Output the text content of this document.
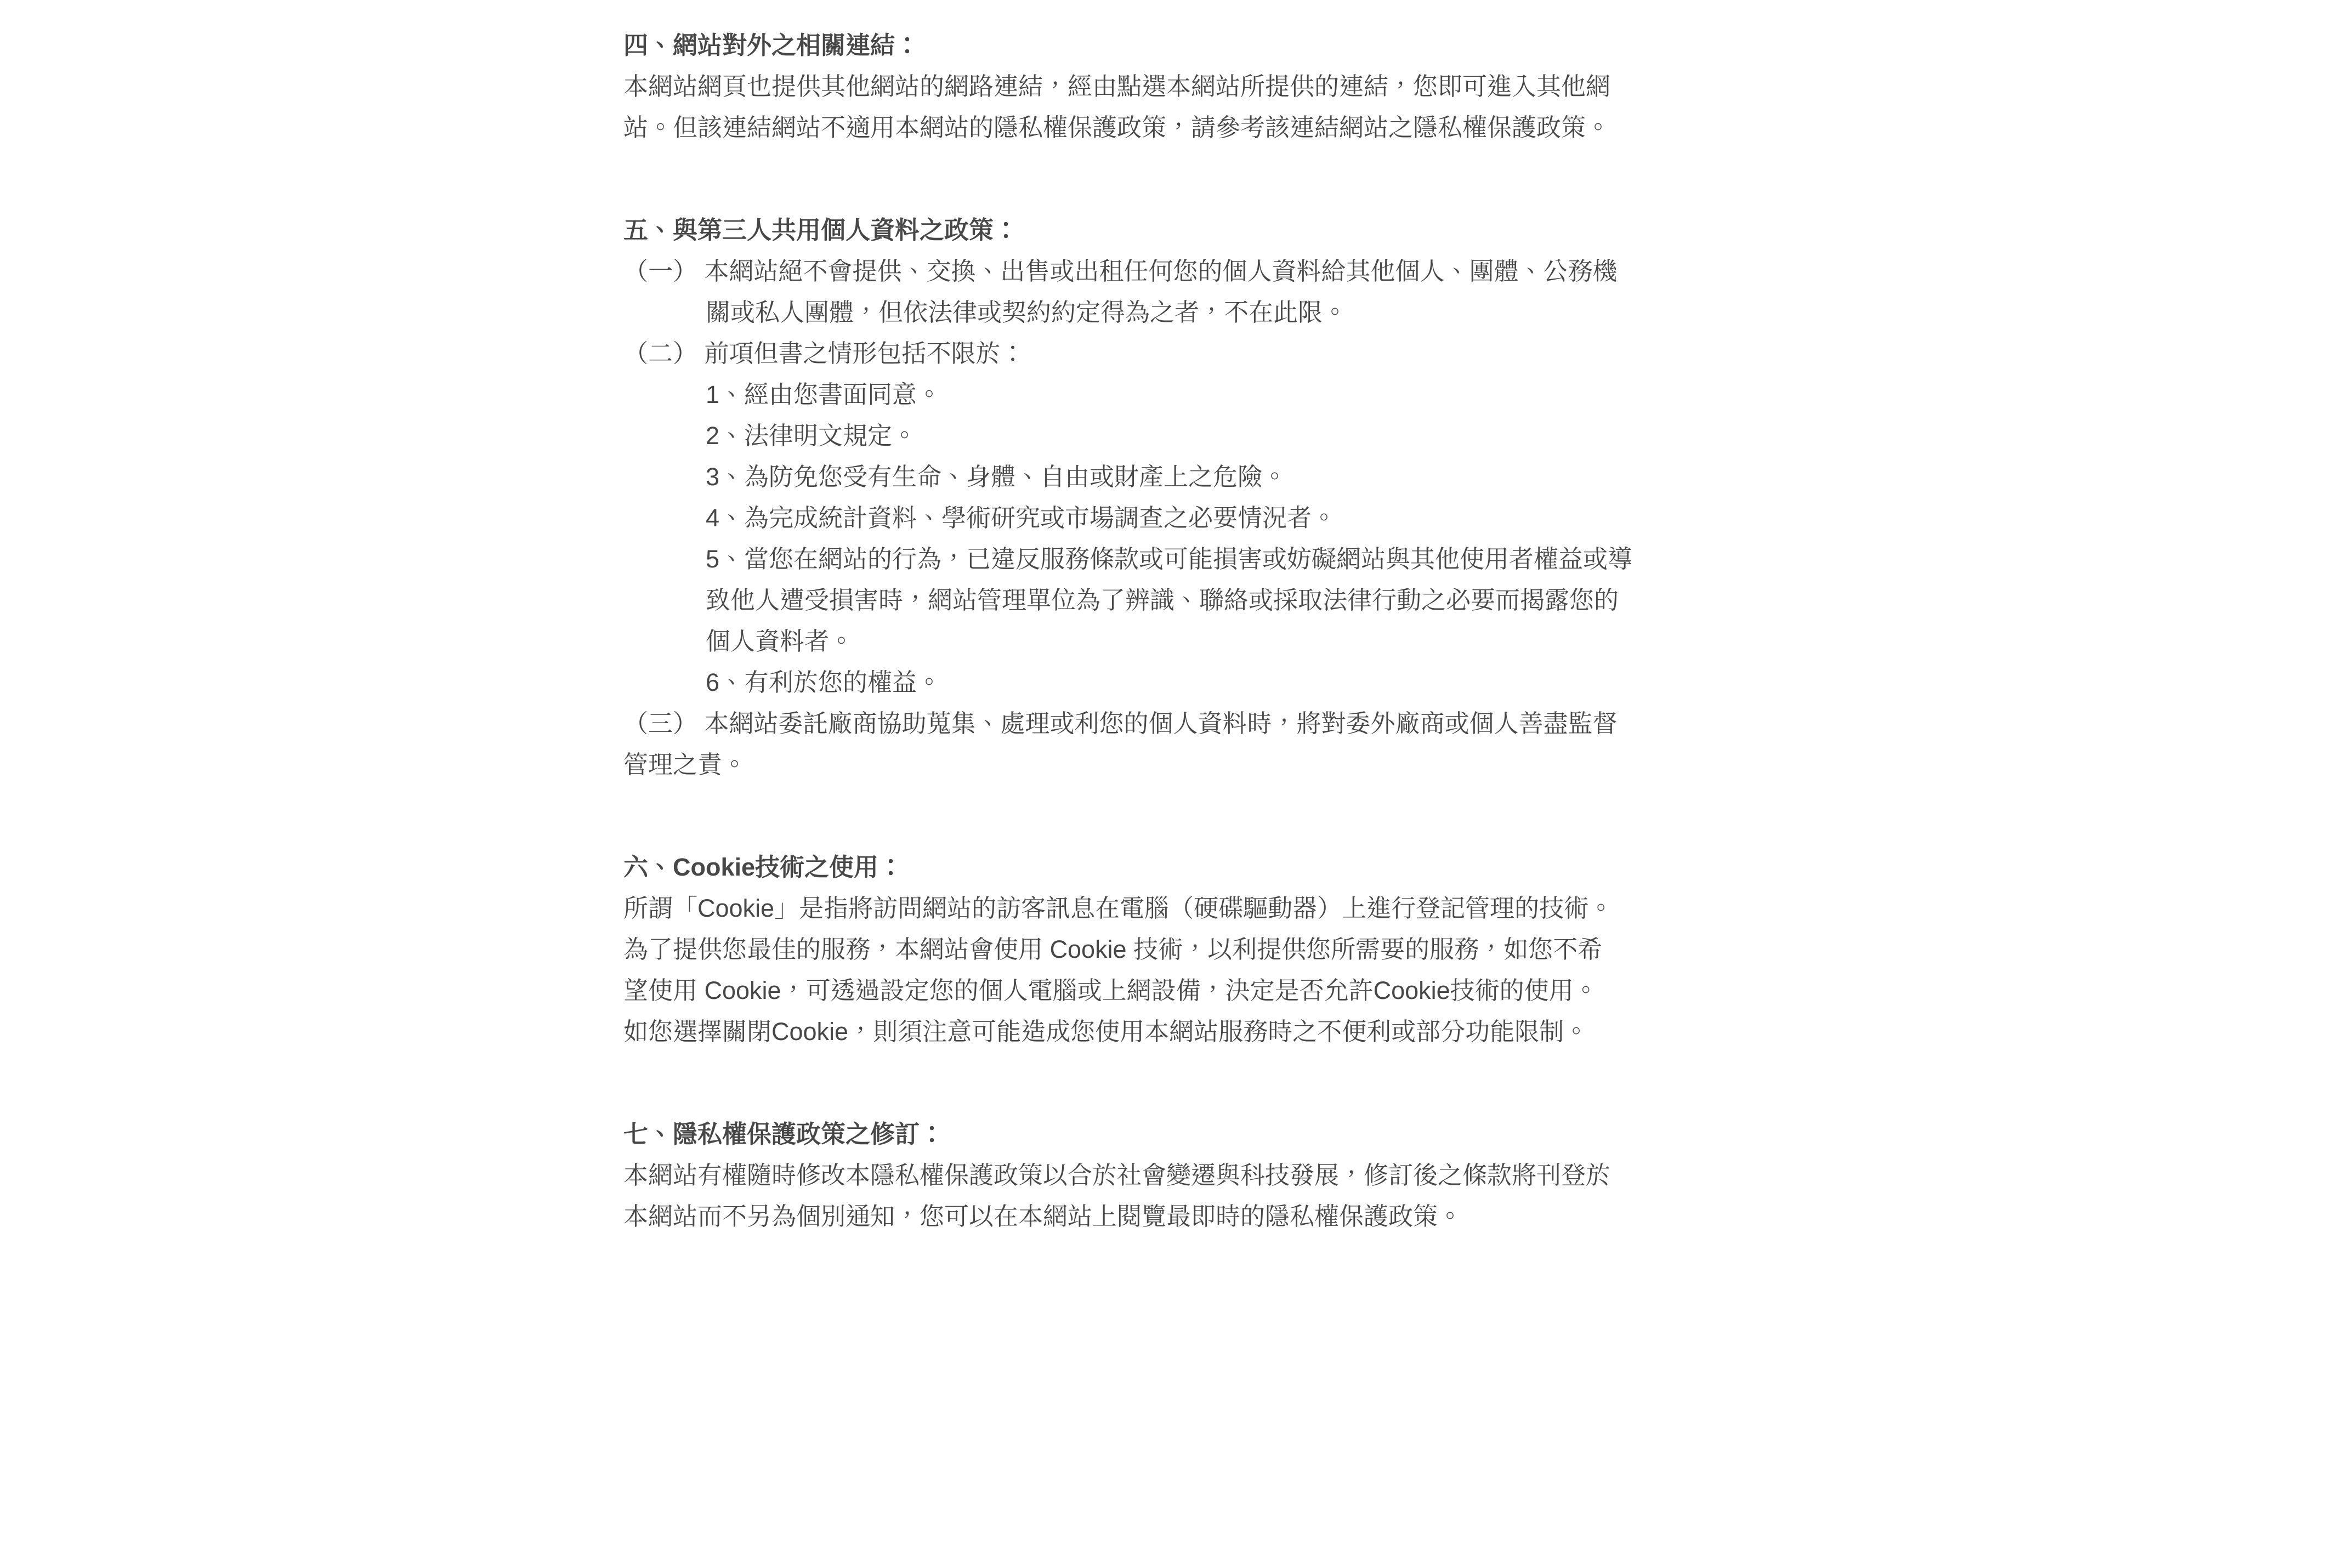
四、網站對外之相關連結：
本網站網頁也提供其他網站的網路連結，經由點選本網站所提供的連結，您即可進入其他網
站。但該連結網站不適用本網站的隱私權保護政策，請參考該連結網站之隱私權保護政策。
五、與第三人共用個人資料之政策：
（一） 本網站絕不會提供、交換、出售或出租任何您的個人資料給其他個人、團體、公務機
關或私人團體，但依法律或契約約定得為之者，不在此限。
（二） 前項但書之情形包括不限於：
1、經由您書面同意。
2、法律明文規定。
3、為防免您受有生命、身體、自由或財產上之危險。
4、為完成統計資料、學術研究或市場調查之必要情況者。
5、當您在網站的行為，已違反服務條款或可能損害或妨礙網站與其他使用者權益或導
致他人遭受損害時，網站管理單位為了辨識、聯絡或採取法律行動之必要而揭露您的
個人資料者。
6、有利於您的權益。
（三） 本網站委託廠商協助蒐集、處理或利您的個人資料時，將對委外廠商或個人善盡監督
管理之責。
六、Cookie技術之使用：
所謂「Cookie」是指將訪問網站的訪客訊息在電腦（硬碟驅動器）上進行登記管理的技術。
為了提供您最佳的服務，本網站會使用 Cookie 技術，以利提供您所需要的服務，如您不希
望使用 Cookie，可透過設定您的個人電腦或上網設備，決定是否允許Cookie技術的使用。
如您選擇關閉Cookie，則須注意可能造成您使用本網站服務時之不便利或部分功能限制。
七、隱私權保護政策之修訂：
本網站有權隨時修改本隱私權保護政策以合於社會變遷與科技發展，修訂後之條款將刊登於
本網站而不另為個別通知，您可以在本網站上閱覽最即時的隱私權保護政策。
